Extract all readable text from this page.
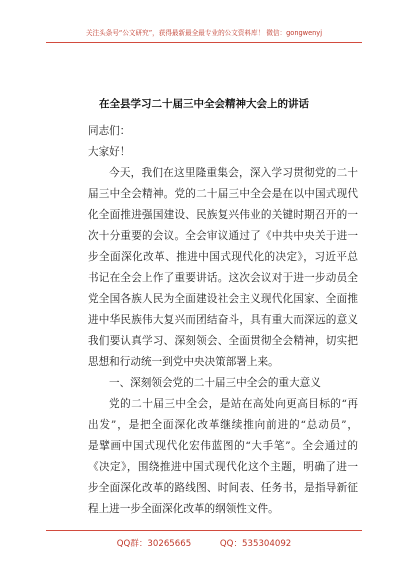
关注头条号“公文研究”，获得最新最全最专业的公文资料库！ 微信：gongwenyj
在全县学习二十届三中全会精神大会上的讲话
同志们：
大家好！
今天，我们在这里隆重集会，深入学习贯彻党的二十
届三中全会精神。党的二十届三中全会是在以中国式现代
化全面推进强国建设、民族复兴伟业的关键时期召开的一
次十分重要的会议。全会审议通过了《中共中央关于进一
步全面深化改革、推进中国式现代化的决定》，习近平总
书记在全会上作了重要讲话。这次会议对于进一步动员全
党全国各族人民为全面建设社会主义现代化国家、全面推
进中华民族伟大复兴而团结奋斗，具有重大而深远的意义
我们要认真学习、深刻领会、全面贯彻全会精神，切实把
思想和行动统一到党中央决策部署上来。
一、深刻领会党的二十届三中全会的重大意义
党的二十届三中全会，是站在高处向更高目标的“再
出发”，是把全面深化改革继续推向前进的“总动员”，
是擘画中国式现代化宏伟蓝图的“大手笔”。全会通过的
《决定》，围绕推进中国式现代化这个主题，明确了进一
步全面深化改革的路线图、时间表、任务书，是指导新征
程上进一步全面深化改革的纲领性文件。
QQ群：30265665	QQ：535304092
